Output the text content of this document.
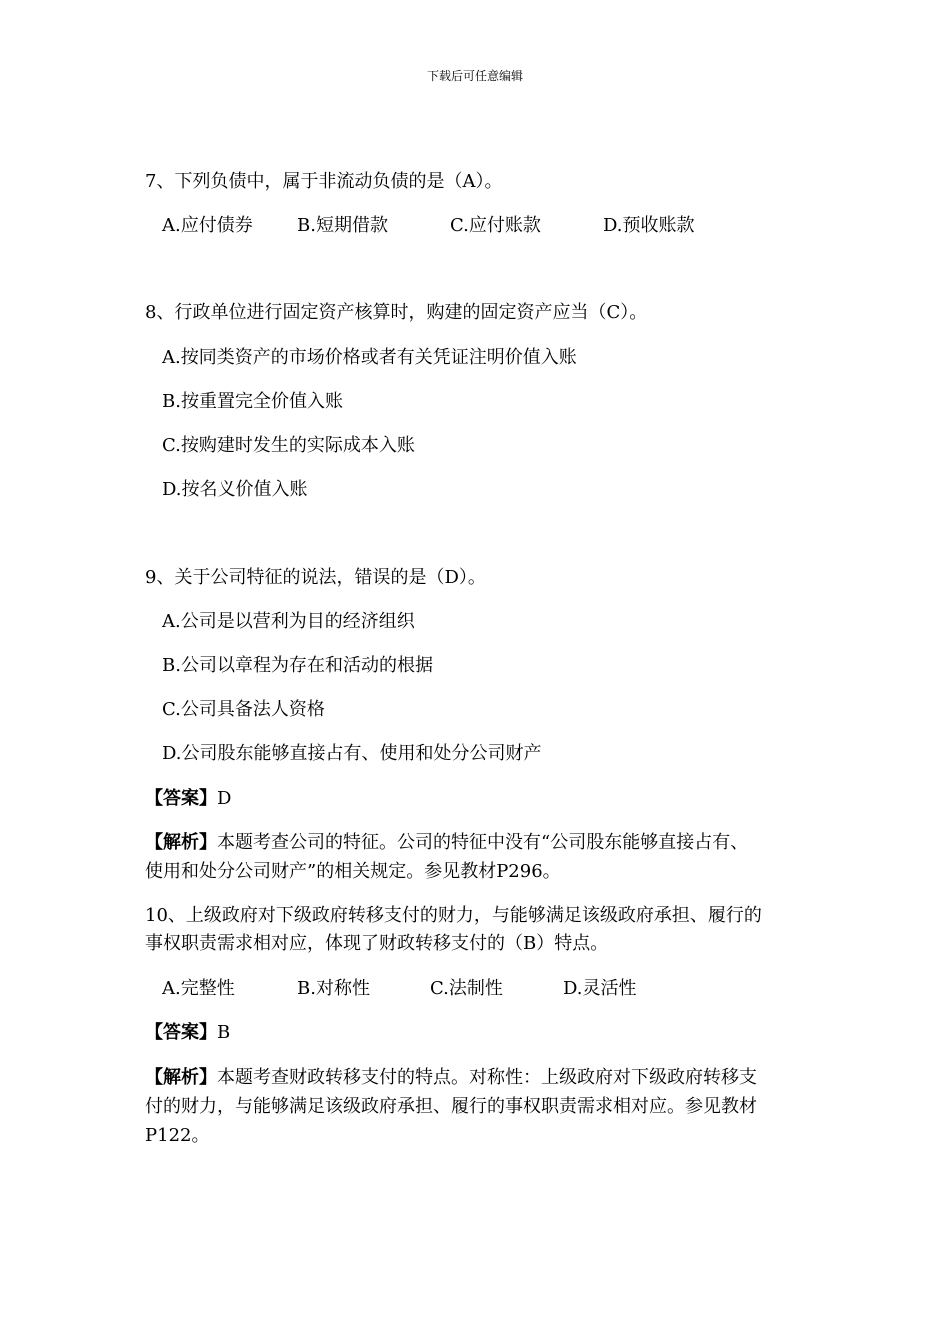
下载后可任意编辑
7、下列负债中，属于非流动负债的是（A）。
A.应付债券 B.短期借款	C.应付账款	D.预收账款
8、行政单位进行固定资产核算时，购建的固定资产应当（C）。
A.按同类资产的市场价格或者有关凭证注明价值入账
B.按重置完全价值入账
C.按购建时发生的实际成本入账
D.按名义价值入账
9、关于公司特征的说法，错误的是（D）。
A.公司是以营利为目的经济组织
B.公司以章程为存在和活动的根据
C.公司具备法人资格
D.公司股东能够直接占有、使用和处分公司财产
【答案】D
【解析】本题考查公司的特征。公司的特征中没有“公司股东能够直接占有、
使用和处分公司财产”的相关规定。参见教材P296。
10、上级政府对下级政府转移支付的财力，与能够满足该级政府承担、履行的
事权职责需求相对应，体现了财政转移支付的（B）特点。
A.完整性	B.对称性	C.法制性	D.灵活性
【答案】B
【解析】本题考查财政转移支付的特点。对称性：上级政府对下级政府转移支
付的财力，与能够满足该级政府承担、履行的事权职责需求相对应。参见教材
P122。
